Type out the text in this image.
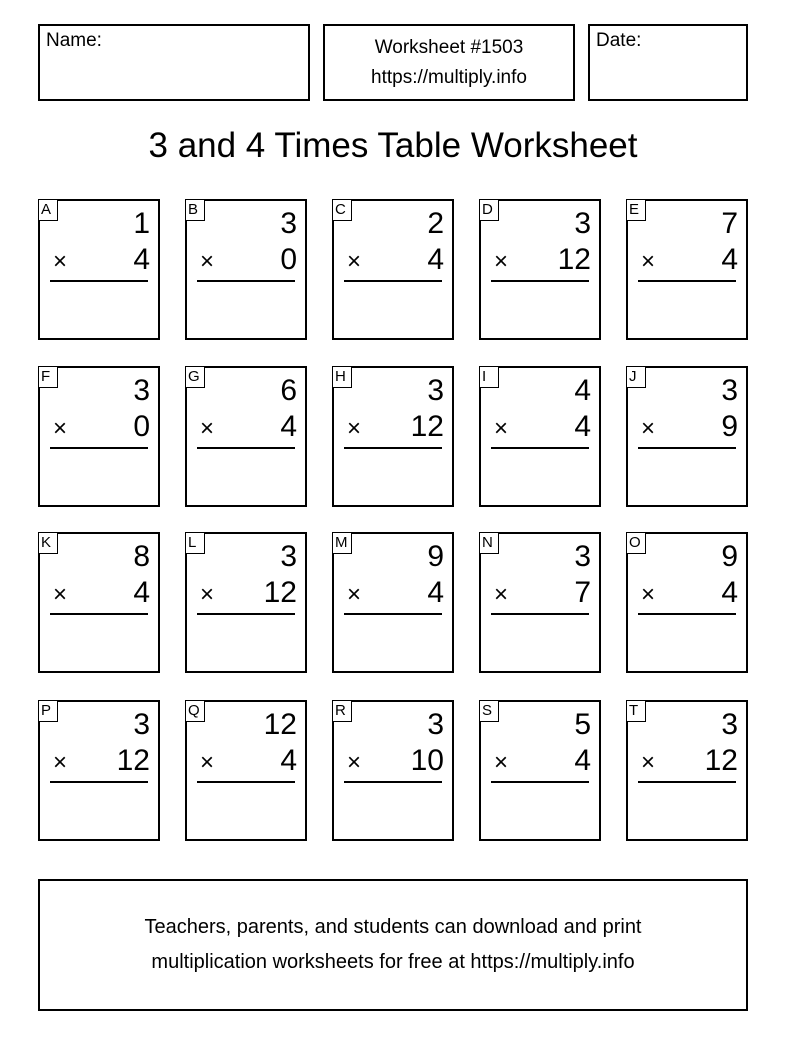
Name:	Worksheet #1503
https://multiply.info
Date:
3 and 4 Times Table Worksheet
A	1
× 4
B	3
× 0
C	2
× 4
D	3
× 12
E	7
× 4
F	3
× 0
G	6
× 4
H	3
× 12
I	4
× 4
J	3
× 9
K	8
× 4
L	3
× 12
M	9
× 4
N	3
× 7
O	9
× 4
P	3
× 12
Q 12
× 4
R	3
× 10
S	5
× 4
T	3
× 12
Teachers, parents, and students can download and print
multiplication worksheets for free at https://multiply.info
